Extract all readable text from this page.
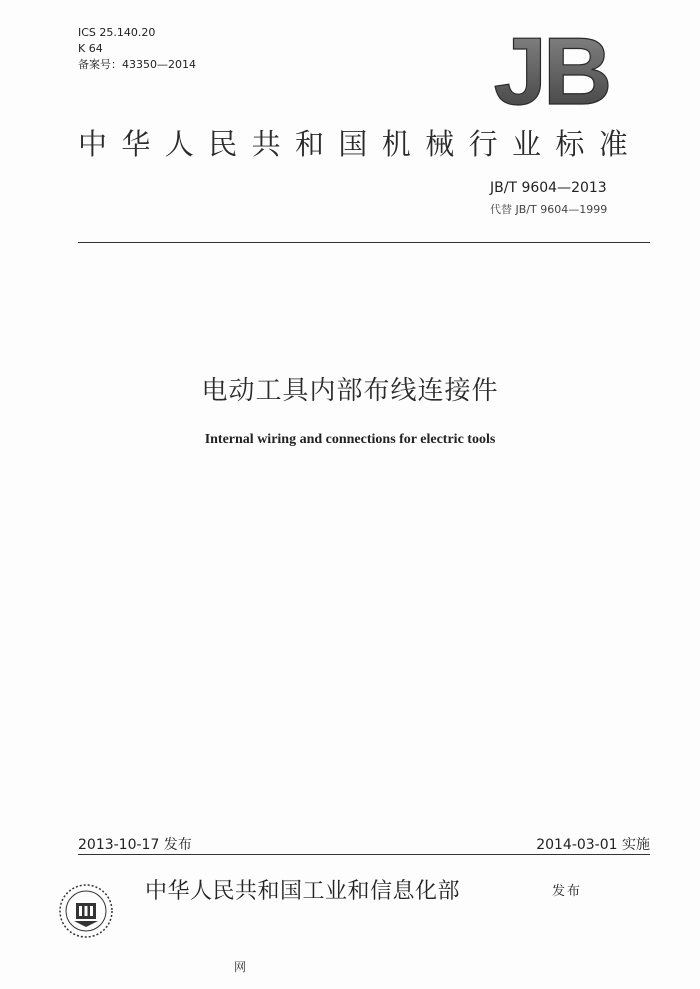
ICS 25.140.20
K 64
备案号：43350—2014	JB
中华人民共和国机械行业标准
JB/T 9604—2013
代替 JB/T 9604—1999
电动工具内部布线连接件
Internal wiring and connections for electric tools
2013-10-17 发布	2014-03-01 实施
中华人民共和国工业和信息化部	发布
网
